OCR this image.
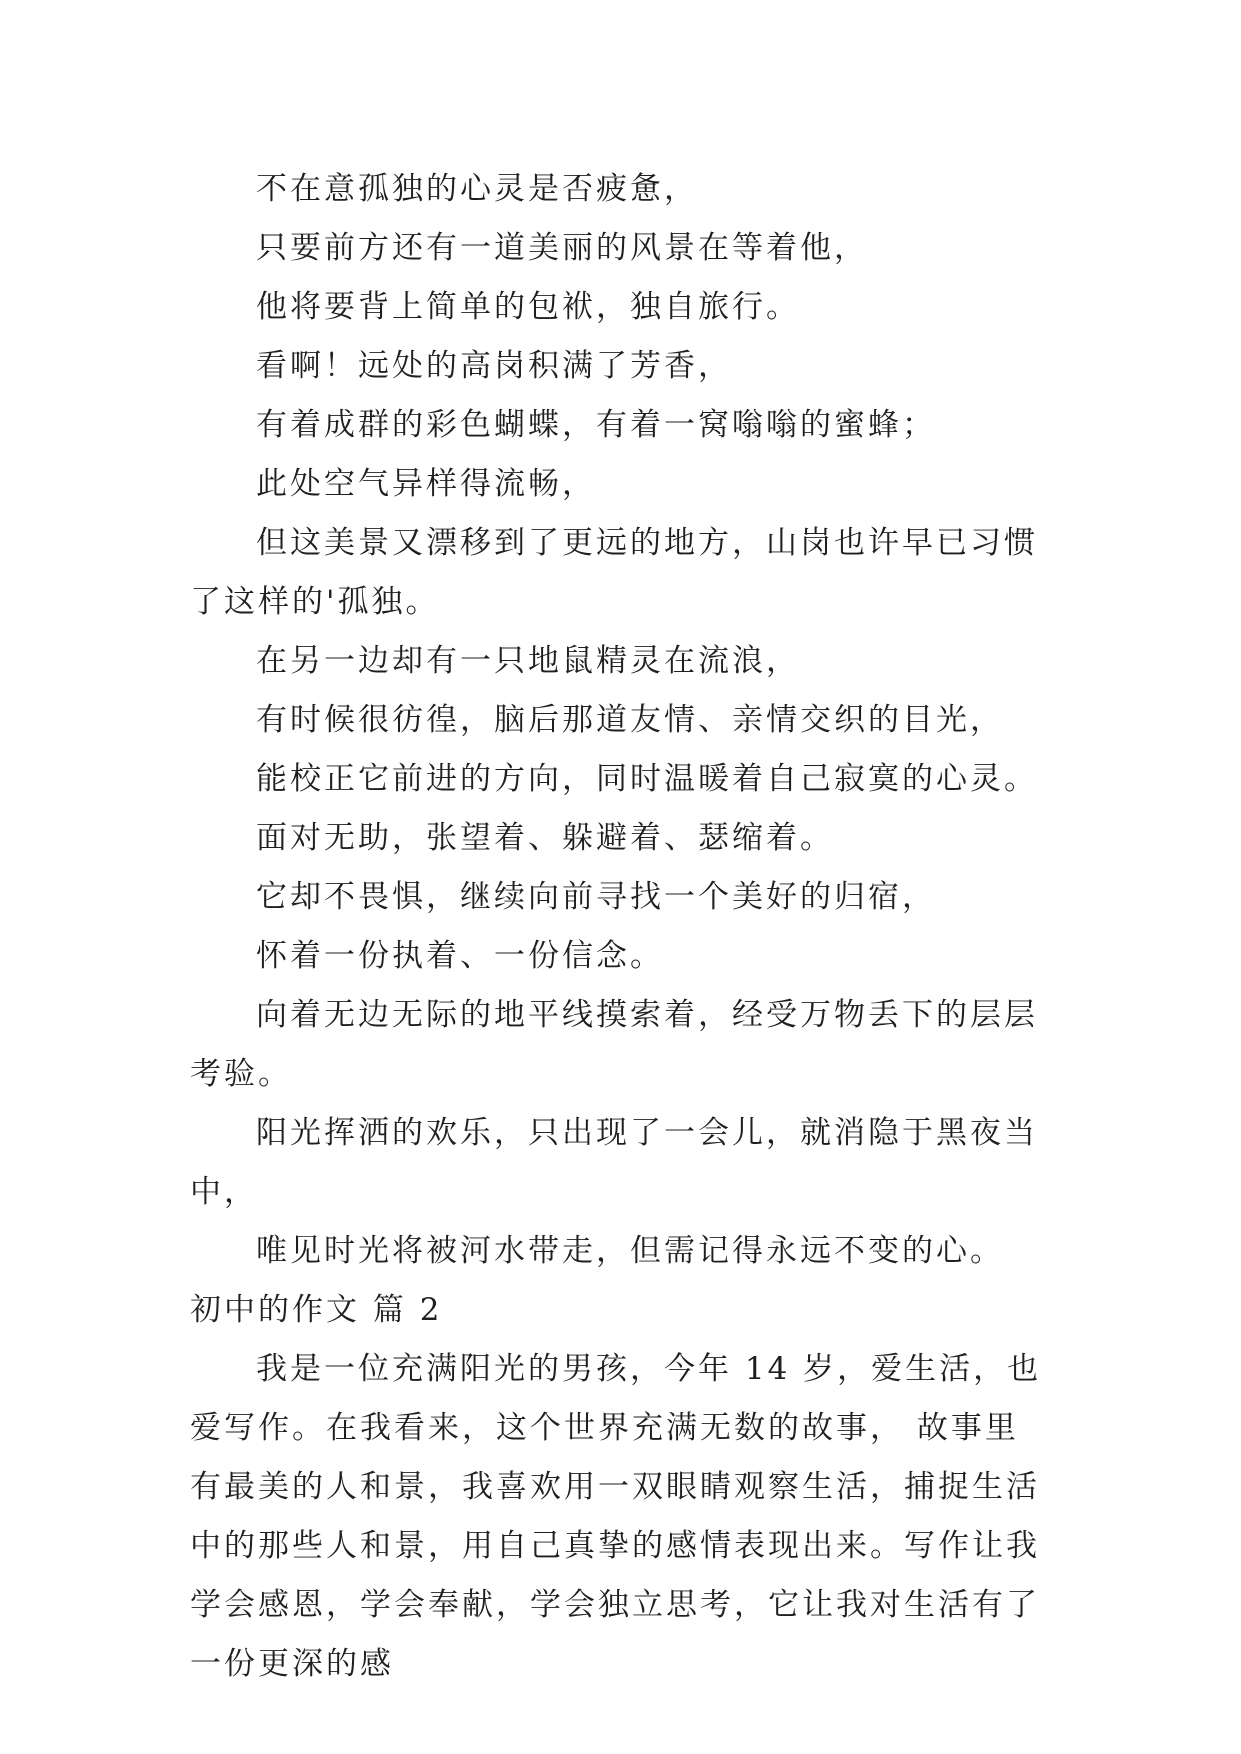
不在意孤独的心灵是否疲惫，

只要前方还有一道美丽的风景在等着他，

他将要背上简单的包袱，独自旅行。

看啊！远处的高岗积满了芳香，

有着成群的彩色蝴蝶，有着一窝嗡嗡的蜜蜂；

此处空气异样得流畅，

但这美景又漂移到了更远的地方，山岗也许早已习惯了这样的'孤独。

在另一边却有一只地鼠精灵在流浪，

有时候很彷徨，脑后那道友情、亲情交织的目光，

能校正它前进的方向，同时温暖着自己寂寞的心灵。

面对无助，张望着、躲避着、瑟缩着。

它却不畏惧，继续向前寻找一个美好的归宿，

怀着一份执着、一份信念。

向着无边无际的地平线摸索着，经受万物丢下的层层考验。

阳光挥洒的欢乐，只出现了一会儿，就消隐于黑夜当中，

唯见时光将被河水带走，但需记得永远不变的心。

初中的作文 篇 2

我是一位充满阳光的男孩，今年 14 岁，爱生活，也爱写作。在我看来，这个世界充满无数的故事， 故事里有最美的人和景，我喜欢用一双眼睛观察生活，捕捉生活中的那些人和景，用自己真挚的感情表现出来。写作让我学会感恩，学会奉献，学会独立思考，它让我对生活有了一份更深的感
